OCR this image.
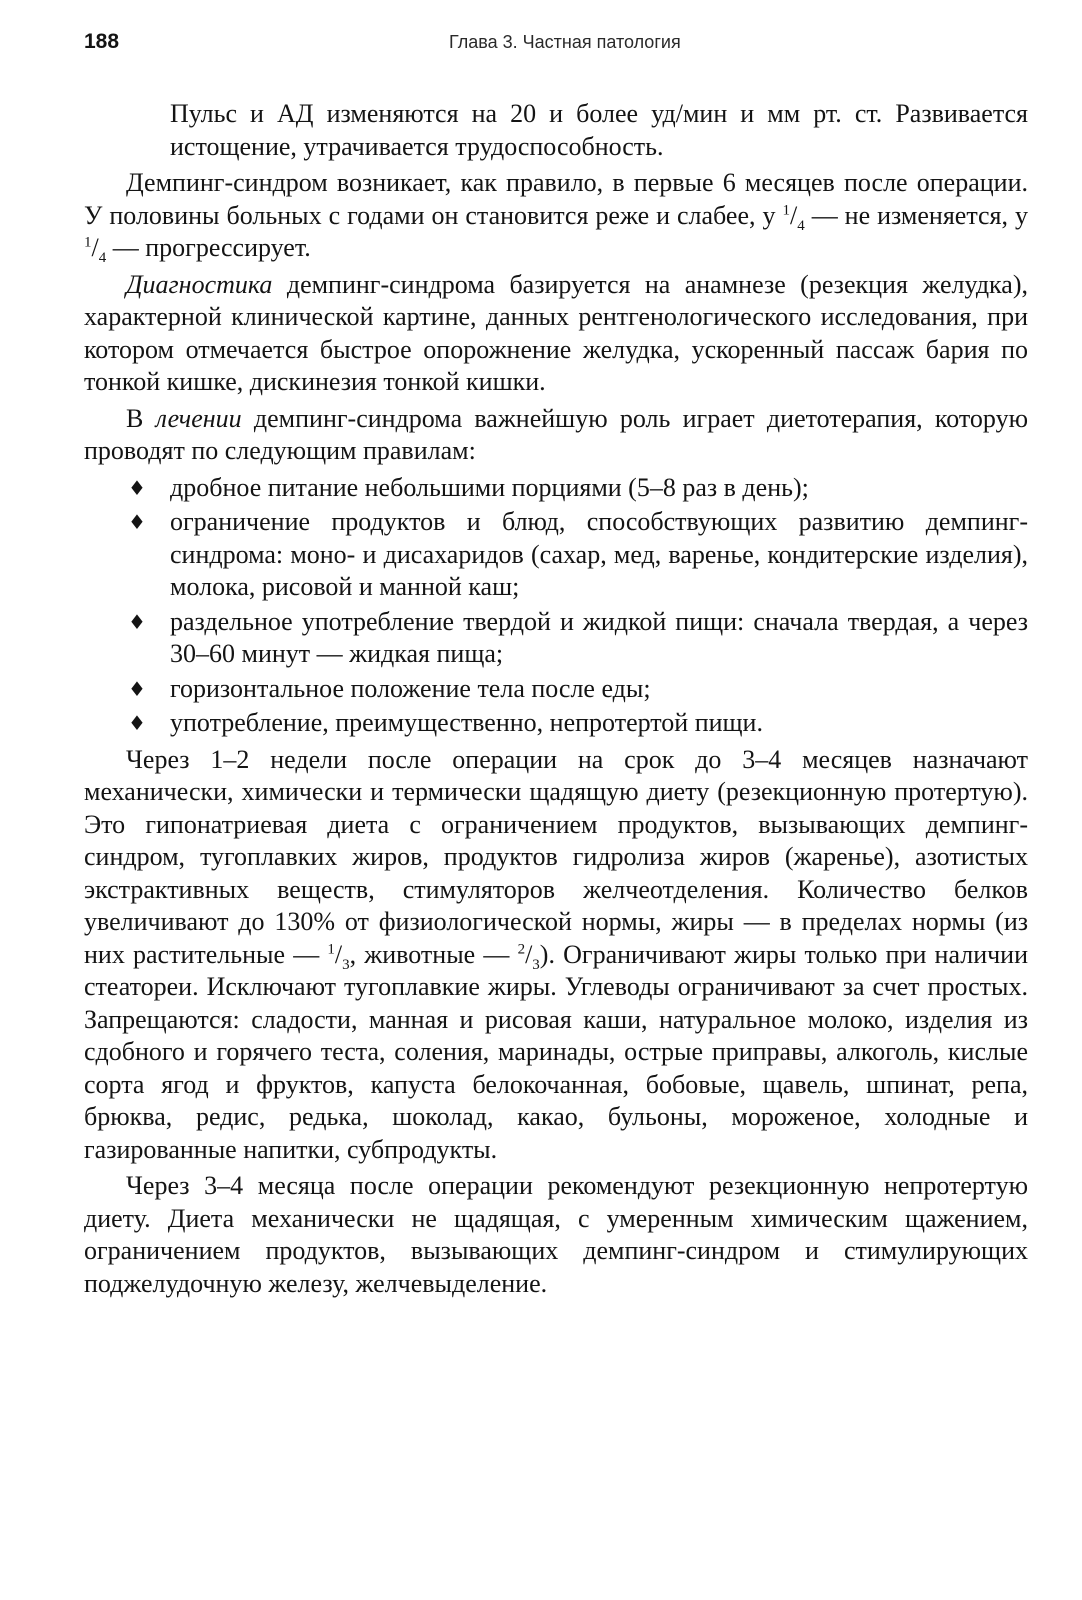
188	Глава 3. Частная патология

Пульс и АД изменяются на 20 и более уд/мин и мм рт. ст. Развивается истощение, утрачивается трудоспособность.

Демпинг-синдром возникает, как правило, в первые 6 месяцев после операции. У половины больных с годами он становится реже и слабее, у $^1/_4$ — не изменяется, у $^1/_4$ — прогрессирует.

Диагностика демпинг-синдрома базируется на анамнезе (резекция желудка), характерной клинической картине, данных рентгенологического исследования, при котором отмечается быстрое опорожнение желудка, ускоренный пассаж бария по тонкой кишке, дискинезия тонкой кишки.

В лечении демпинг-синдрома важнейшую роль играет диетотерапия, которую проводят по следующим правилам:

♦ дробное питание небольшими порциями (5–8 раз в день);
♦ ограничение продуктов и блюд, способствующих развитию демпинг-синдрома: моно- и дисахаридов (сахар, мед, варенье, кондитерские изделия), молока, рисовой и манной каш;
♦ раздельное употребление твердой и жидкой пищи: сначала твердая, а через 30–60 минут — жидкая пища;
♦ горизонтальное положение тела после еды;
♦ употребление, преимущественно, непротертой пищи.

Через 1–2 недели после операции на срок до 3–4 месяцев назначают механически, химически и термически щадящую диету (резекционную протертую). Это гипонатриевая диета с ограничением продуктов, вызывающих демпинг-синдром, тугоплавких жиров, продуктов гидролиза жиров (жаренье), азотистых экстрактивных веществ, стимуляторов желчеотделения. Количество белков увеличивают до 130% от физиологической нормы, жиры — в пределах нормы (из них растительные — $^1/_3$, животные — $^2/_3$). Ограничивают жиры только при наличии стеатореи. Исключают тугоплавкие жиры. Углеводы ограничивают за счет простых. Запрещаются: сладости, манная и рисовая каши, натуральное молоко, изделия из сдобного и горячего теста, соления, маринады, острые приправы, алкоголь, кислые сорта ягод и фруктов, капуста белокочанная, бобовые, щавель, шпинат, репа, брюква, редис, редька, шоколад, какао, бульоны, мороженое, холодные и газированные напитки, субпродукты.

Через 3–4 месяца после операции рекомендуют резекционную непротертую диету. Диета механически не щадящая, с умеренным химическим щажением, ограничением продуктов, вызывающих демпинг-синдром и стимулирующих поджелудочную железу, желчевыделение.
